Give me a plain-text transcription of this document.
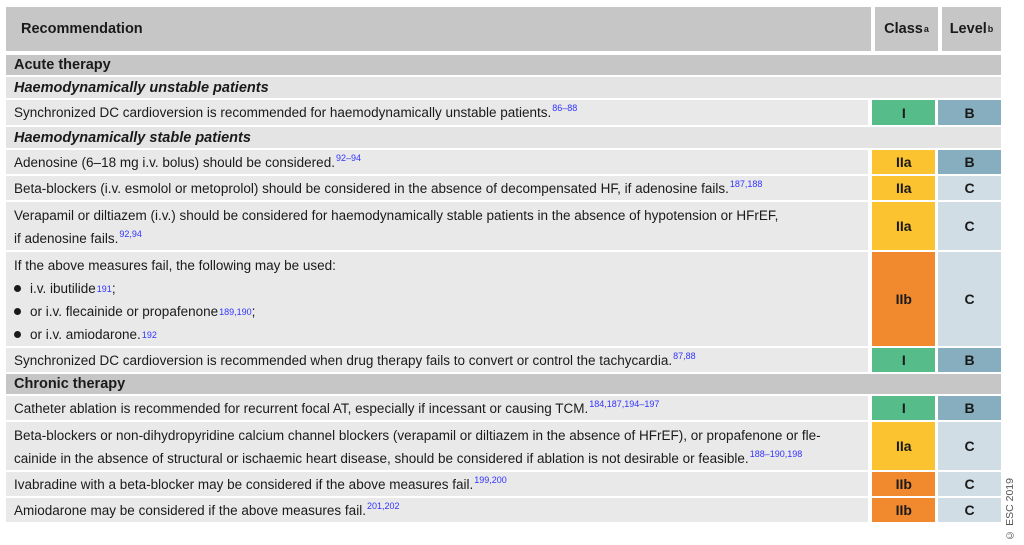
Recommendation	Class a Level b
Acute therapy
Haemodynamically unstable patients
Synchronized DC cardioversion is recommended for haemodynamically unstable patients.$^{86-88}$	I	B
Haemodynamically stable patients
Adenosine (6–18 mg i.v. bolus) should be considered.$^{92-94}$	IIa	B
Beta-blockers (i.v. esmolol or metoprolol) should be considered in the absence of decompensated HF, if adenosine fails.$^{187,188}$	IIa	C
Verapamil or diltiazem (i.v.) should be considered for haemodynamically stable patients in the absence of hypotension or HFrEF,
if adenosine fails.$^{92,94}$	IIa	C
If the above measures fail, the following may be used:
i.v. ibutilide 191 ;
or i.v. flecainide or propafenone 189,190 ;
or i.v. amiodarone. 192
IIb	C
Synchronized DC cardioversion is recommended when drug therapy fails to convert or control the tachycardia.$^{87,88}$	I	B
Chronic therapy
Catheter ablation is recommended for recurrent focal AT, especially if incessant or causing TCM.$^{184,187,194-197}$	I	B
Beta-blockers or non-dihydropyridine calcium channel blockers (verapamil or diltiazem in the absence of HFrEF), or propafenone or fle-
cainide in the absence of structural or ischaemic heart disease, should be considered if ablation is not desirable or feasible.$^{188-190,198}$	IIa	C
Ivabradine with a beta-blocker may be considered if the above measures fail.$^{199,200}$	IIb	C
Amiodarone may be considered if the above measures fail.$^{201,202}$	IIb	C	© ESC 2019
